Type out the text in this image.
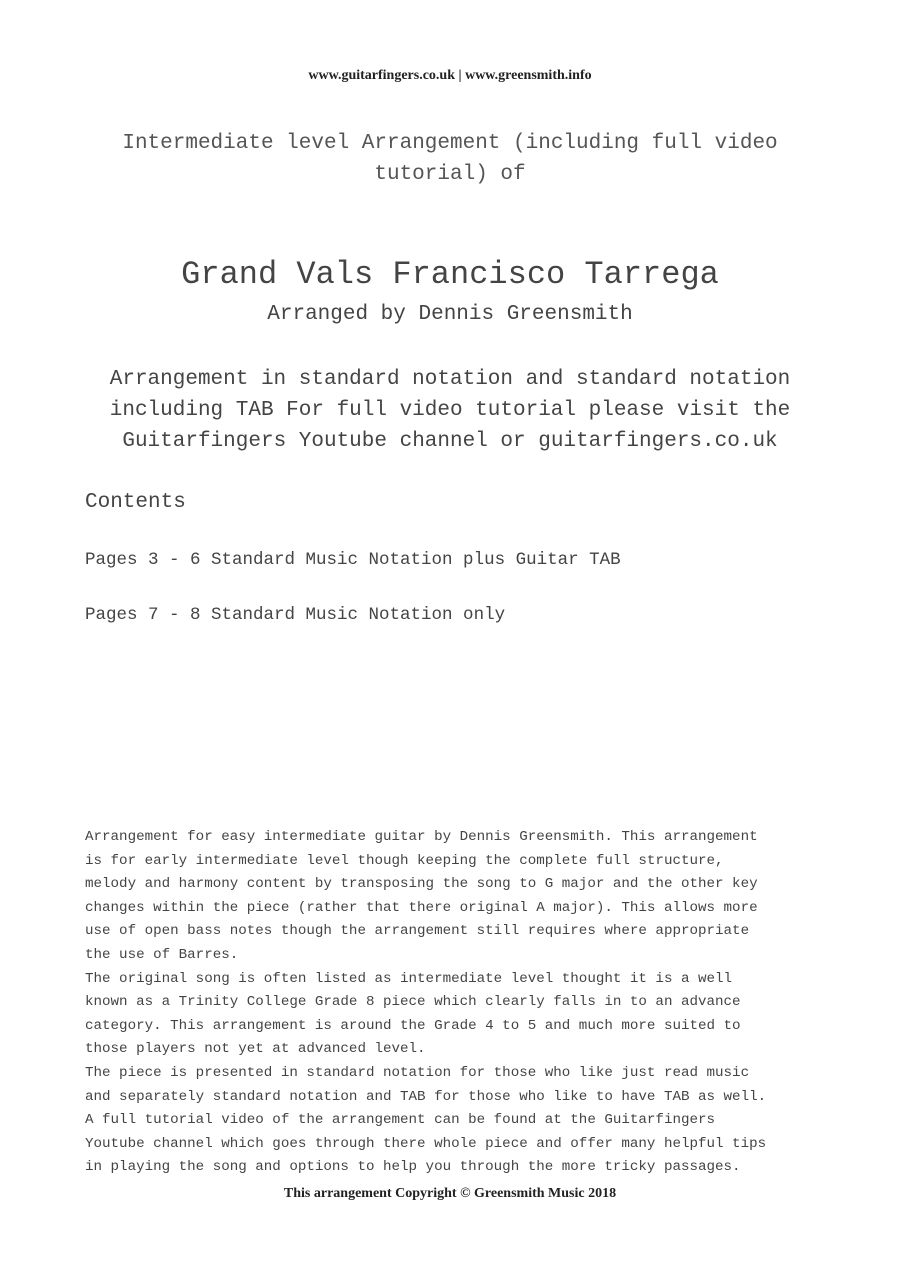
www.guitarfingers.co.uk | www.greensmith.info
Intermediate level Arrangement (including full video
tutorial) of
Grand Vals Francisco Tarrega
Arranged by Dennis Greensmith
Arrangement in standard notation and standard notation
including TAB For full video tutorial please visit the
Guitarfingers Youtube channel or guitarfingers.co.uk
Contents
Pages 3 - 6 Standard Music Notation plus Guitar TAB
Pages 7 - 8 Standard Music Notation only

Arrangement for easy intermediate guitar by Dennis Greensmith. This arrangement

is for early intermediate level though keeping the complete full structure,

melody and harmony content by transposing the song to G major and the other key

changes within the piece (rather that there original A major). This allows more

use of open bass notes though the arrangement still requires where appropriate

the use of Barres.

The original song is often listed as intermediate level thought it is a well

known as a Trinity College Grade 8 piece which clearly falls in to an advance

category. This arrangement is around the Grade 4 to 5 and much more suited to

those players not yet at advanced level.

The piece is presented in standard notation for those who like just read music

and separately standard notation and TAB for those who like to have TAB as well.

A full tutorial video of the arrangement can be found at the Guitarfingers

Youtube channel which goes through there whole piece and offer many helpful tips

in playing the song and options to help you through the more tricky passages.

This arrangement Copyright © Greensmith Music 2018
